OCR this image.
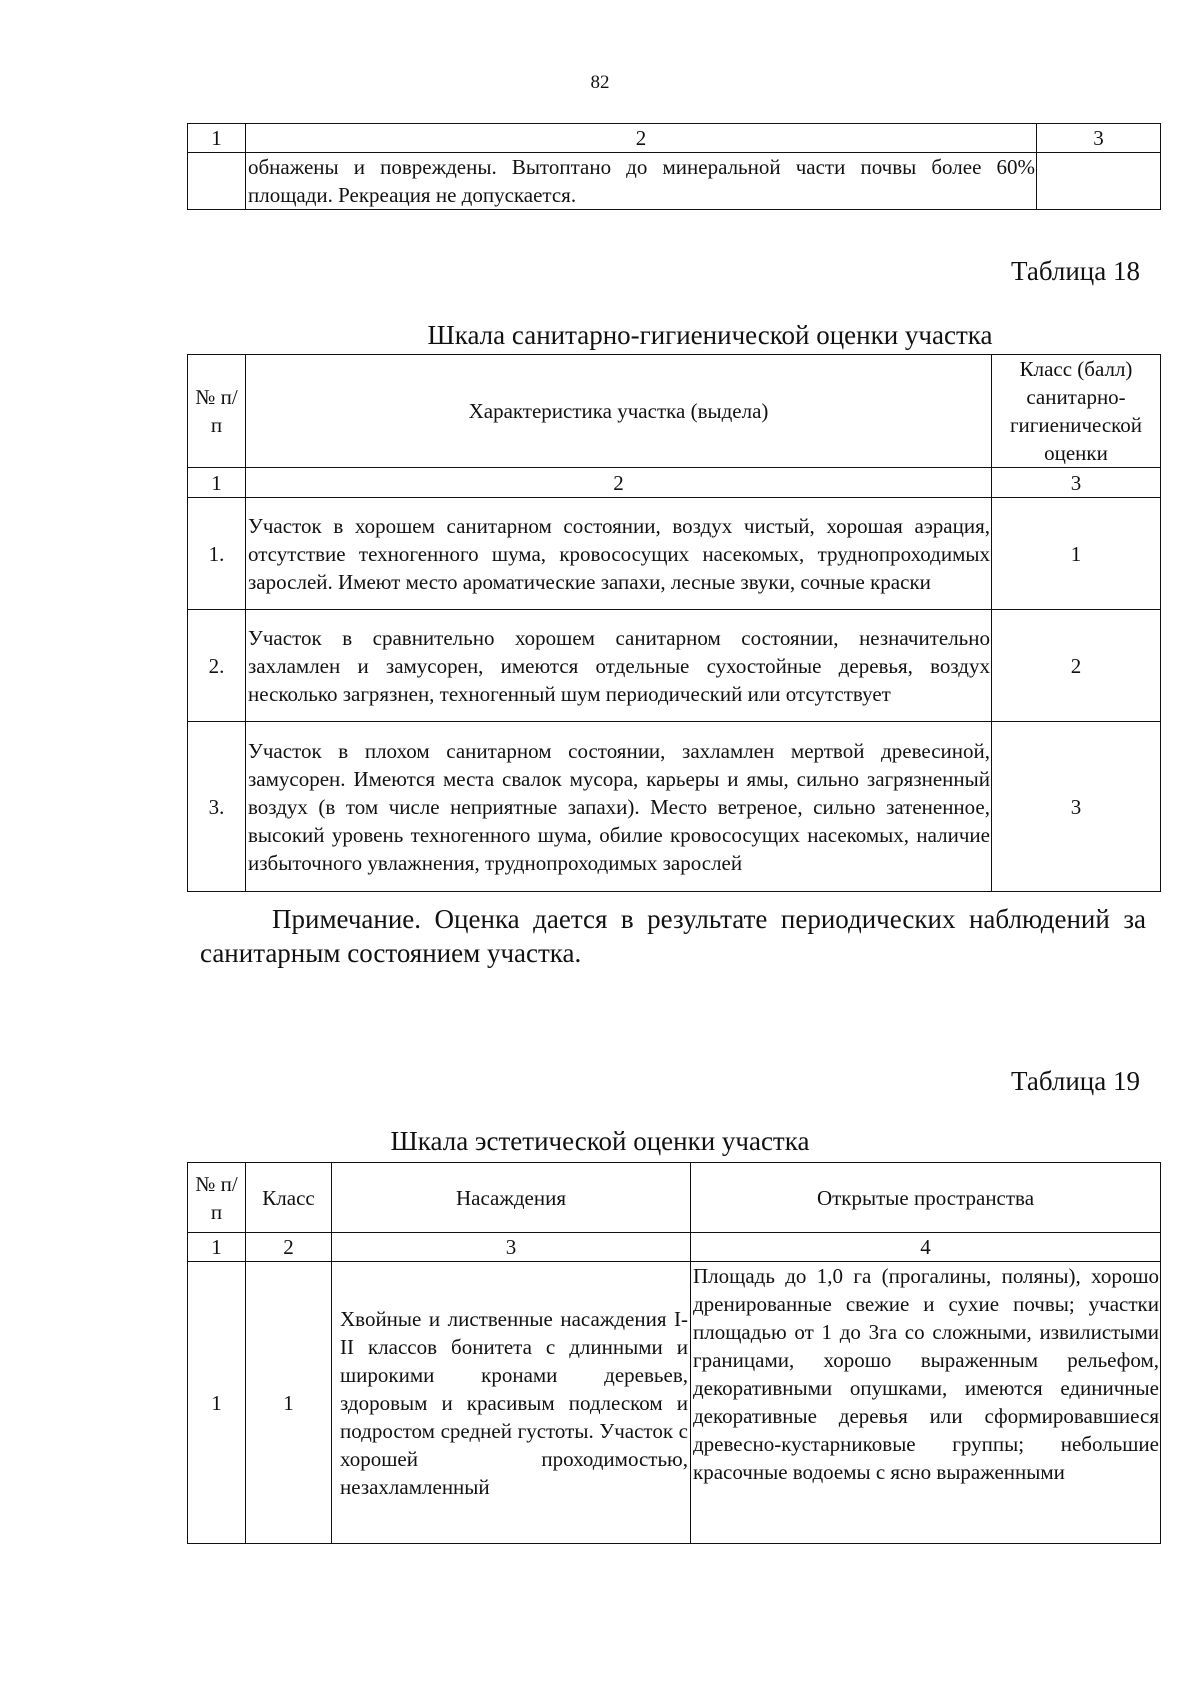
82
1	2	3
	обнажены и повреждены. Вытоптано до минеральной части почвы более 60% площади. Рекреация не допускается.	
Таблица 18
Шкала санитарно-гигиенической оценки участка
№ п/п	Характеристика участка (выдела)	Класс (балл) санитарно-гигиенической оценки
1	2	3
1.	Участок в хорошем санитарном состоянии, воздух чистый, хорошая аэрация, отсутствие техногенного шума, кровососущих насекомых, труднопроходимых зарослей. Имеют место ароматические запахи, лесные звуки, сочные краски	1
2.	Участок в сравнительно хорошем санитарном состоянии, незначительно захламлен и замусорен, имеются отдельные сухостойные деревья, воздух несколько загрязнен, техногенный шум периодический или отсутствует	2
3.	Участок в плохом санитарном состоянии, захламлен мертвой древесиной, замусорен. Имеются места свалок мусора, карьеры и ямы, сильно загрязненный воздух (в том числе неприятные запахи). Место ветреное, сильно затененное, высокий уровень техногенного шума, обилие кровососущих насекомых, наличие избыточного увлажнения, труднопроходимых зарослей	3
Примечание. Оценка дается в результате периодических наблюдений за санитарным состоянием участка.
Таблица 19
Шкала эстетической оценки участка
№ п/п	Класс	Насаждения	Открытые пространства
1	2	3	4
1	1	Хвойные и лиственные насаждения I-II классов бонитета с длинными и широкими кронами деревьев, здоровым и красивым подлеском и подростом средней густоты. Участок с хорошей проходимостью, незахламленный	Площадь до 1,0 га (прогалины, поляны), хорошо дренированные свежие и сухие почвы; участки площадью от 1 до 3га со сложными, извилистыми границами, хорошо выраженным рельефом, декоративными опушками, имеются единичные декоративные деревья или сформировавшиеся древесно-кустарниковые группы; небольшие красочные водоемы с ясно выраженными
